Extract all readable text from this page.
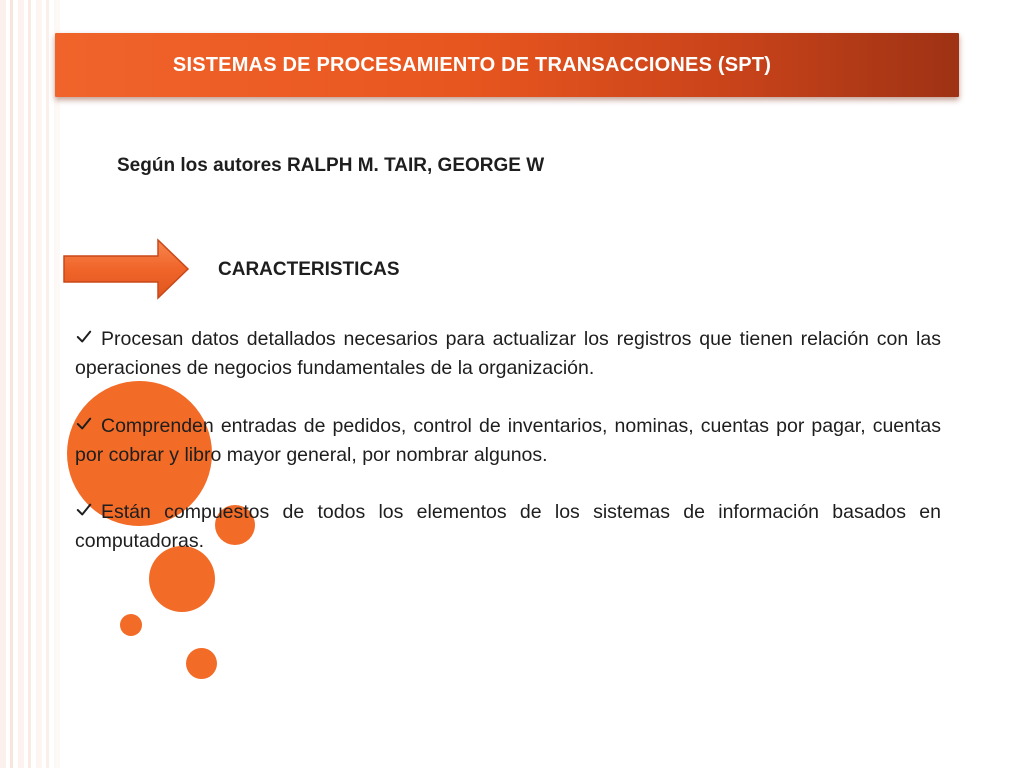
SISTEMAS DE PROCESAMIENTO DE TRANSACCIONES (SPT)
Según los autores RALPH M. TAIR, GEORGE W
CARACTERISTICAS

Procesan datos detallados necesarios para actualizar los registros que tienen relación con las operaciones de negocios fundamentales de la organización.

Comprenden entradas de pedidos, control de inventarios, nominas, cuentas por pagar, cuentas por cobrar y libro mayor general, por nombrar algunos.

Están compuestos de todos los elementos de los sistemas de información basados en computadoras.
